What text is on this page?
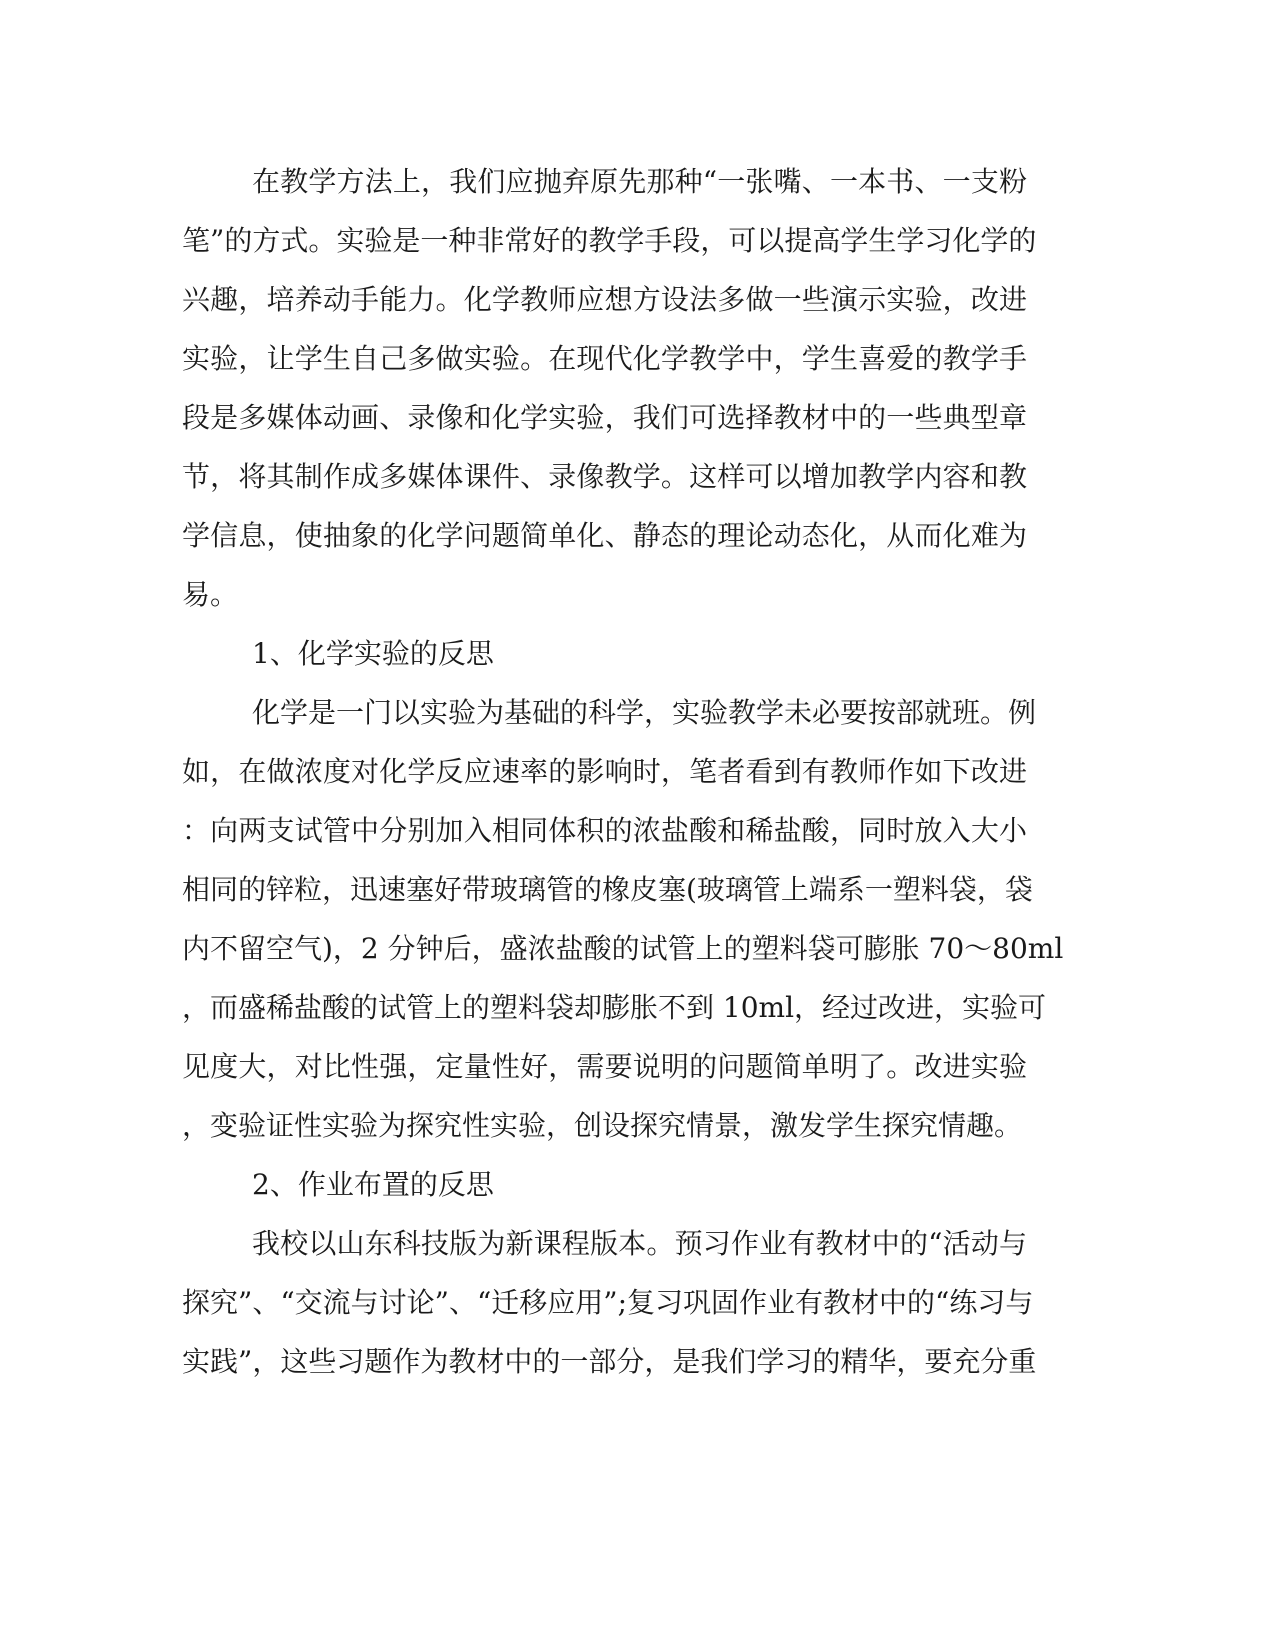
在教学方法上，我们应抛弃原先那种“一张嘴、一本书、一支粉
笔”的方式。实验是一种非常好的教学手段，可以提高学生学习化学的
兴趣，培养动手能力。化学教师应想方设法多做一些演示实验，改进
实验，让学生自己多做实验。在现代化学教学中，学生喜爱的教学手
段是多媒体动画、录像和化学实验，我们可选择教材中的一些典型章
节，将其制作成多媒体课件、录像教学。这样可以增加教学内容和教
学信息，使抽象的化学问题简单化、静态的理论动态化，从而化难为
易。
1、化学实验的反思
化学是一门以实验为基础的科学，实验教学未必要按部就班。例
如，在做浓度对化学反应速率的影响时，笔者看到有教师作如下改进
：向两支试管中分别加入相同体积的浓盐酸和稀盐酸，同时放入大小
相同的锌粒，迅速塞好带玻璃管的橡皮塞(玻璃管上端系一塑料袋，袋
内不留空气)，2 分钟后，盛浓盐酸的试管上的塑料袋可膨胀 70～80ml
，而盛稀盐酸的试管上的塑料袋却膨胀不到 10ml，经过改进，实验可
见度大，对比性强，定量性好，需要说明的问题简单明了。改进实验
，变验证性实验为探究性实验，创设探究情景，激发学生探究情趣。
2、作业布置的反思
我校以山东科技版为新课程版本。预习作业有教材中的“活动与
探究”、“交流与讨论”、“迁移应用”;复习巩固作业有教材中的“练习与
实践”，这些习题作为教材中的一部分，是我们学习的精华，要充分重
